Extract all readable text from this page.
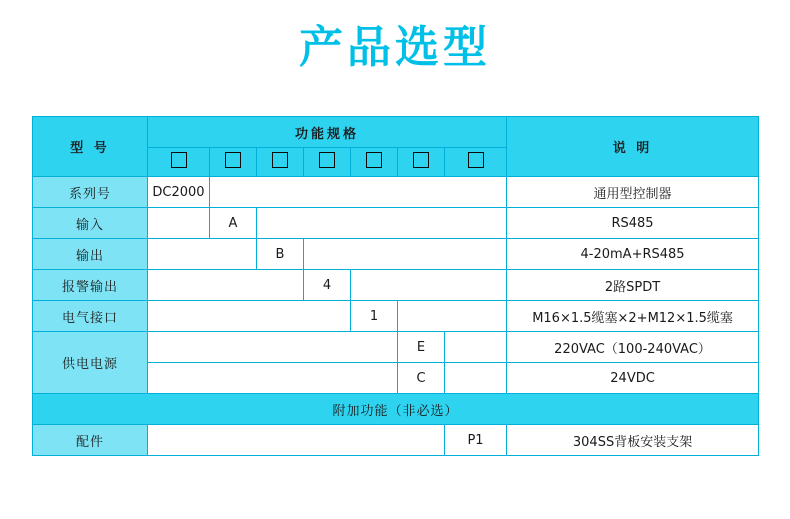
产品选型
型 号	功能规格							说 明

系列号	DC2000							通用型控制器
输入		A						RS485
输出			B					4-20mA+RS485
报警输出				4				2路SPDT
电气接口					1			M16×1.5缆塞×2+M12×1.5缆塞
供电电源						E		220VAC（100-240VAC）
						C		24VDC
附加功能（非必选）								
配件							P1	304SS背板安装支架
